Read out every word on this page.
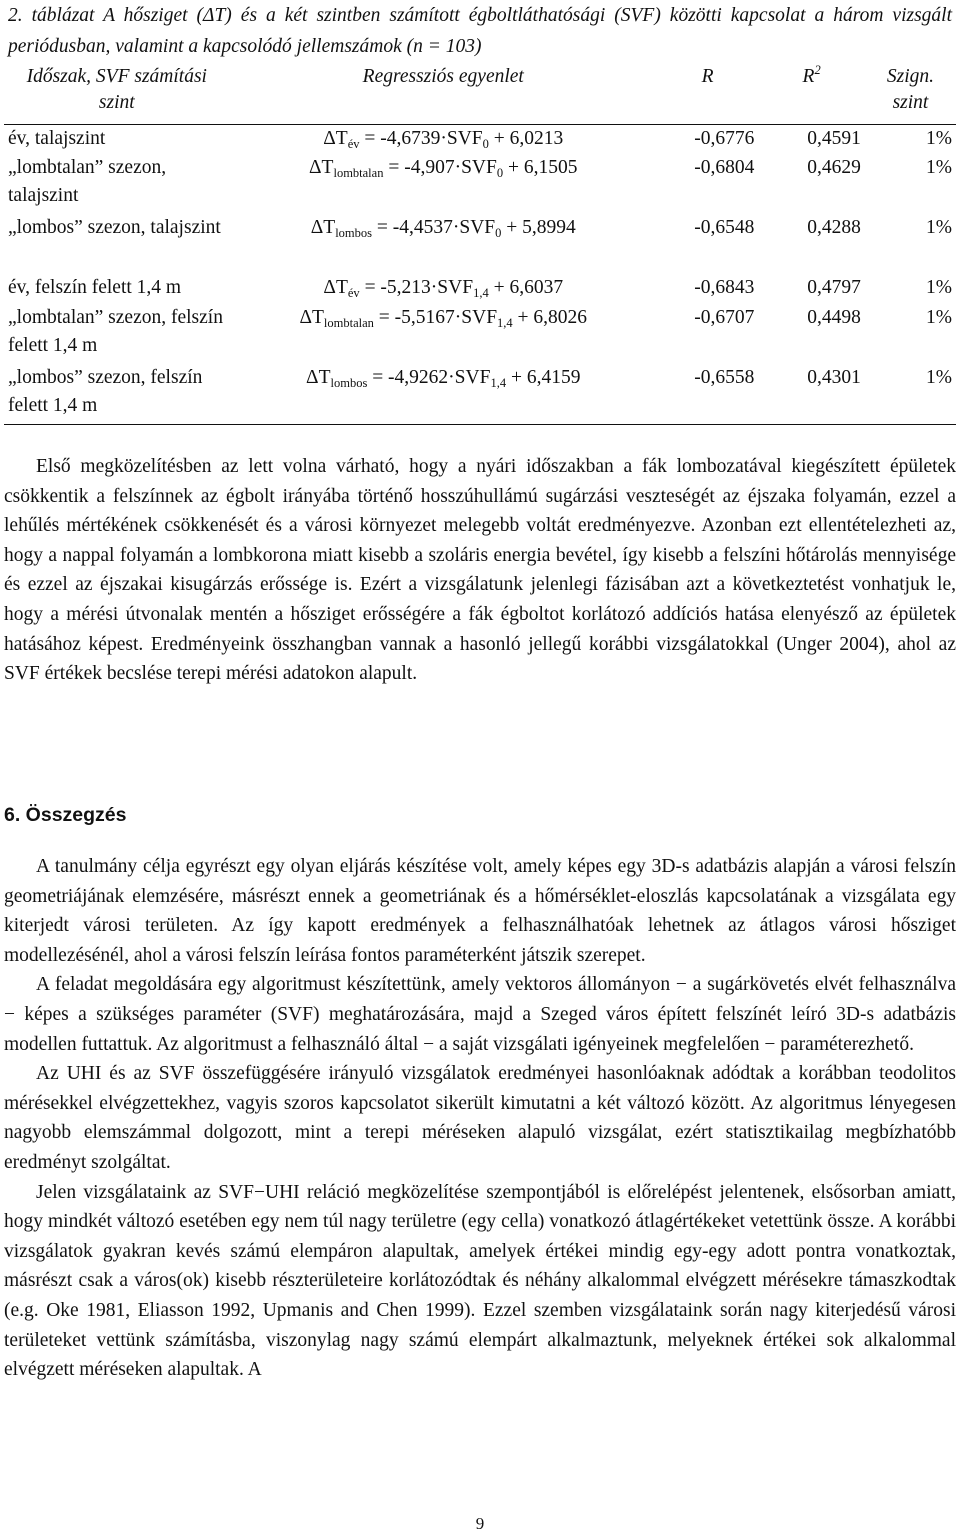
2. táblázat A hősziget (ΔT) és a két szintben számított égboltláthatósági (SVF) közötti kapcsolat a három vizsgált periódusban, valamint a kapcsolódó jellemszámok (n = 103)
Időszak, SVF számítási szint	Regressziós egyenlet	R	$R^2$	Szign. szint
év, talajszint	$\Delta T_{év} = -4,6739\cdot SVF_0 + 6,0213$	-0,6776	0,4591	1%
„lombtalan” szezon, talajszint	$\Delta T_{lombtalan} = -4,907\cdot SVF_0 + 6,1505$	-0,6804	0,4629	1%
„lombos” szezon, talajszint	$\Delta T_{lombos} = -4,4537\cdot SVF_0 + 5,8994$	-0,6548	0,4288	1%
év, felszín felett 1,4 m	$\Delta T_{év} = -5,213\cdot SVF_{1,4} + 6,6037$	-0,6843	0,4797	1%
„lombtalan” szezon, felszín felett 1,4 m	$\Delta T_{lombtalan} = -5,5167\cdot SVF_{1,4} + 6,8026$	-0,6707	0,4498	1%
„lombos” szezon, felszín felett 1,4 m	$\Delta T_{lombos} = -4,9262\cdot SVF_{1,4} + 6,4159$	-0,6558	0,4301	1%

Első megközelítésben az lett volna várható, hogy a nyári időszakban a fák lombozatával kiegészített épületek csökkentik a felszínnek az égbolt irányába történő hosszúhullámú sugárzási veszteségét az éjszaka folyamán, ezzel a lehűlés mértékének csökkenését és a városi környezet melegebb voltát eredményezve. Azonban ezt ellentételezheti az, hogy a nappal folyamán a lombkorona miatt kisebb a szoláris energia bevétel, így kisebb a felszíni hőtárolás mennyisége és ezzel az éjszakai kisugárzás erőssége is. Ezért a vizsgálatunk jelenlegi fázisában azt a következtetést vonhatjuk le, hogy a mérési útvonalak mentén a hősziget erősségére a fák égboltot korlátozó addíciós hatása elenyésző az épületek hatásához képest. Eredményeink összhangban vannak a hasonló jellegű korábbi vizsgálatokkal (Unger 2004), ahol az SVF értékek becslése terepi mérési adatokon alapult.

6. Összegzés

A tanulmány célja egyrészt egy olyan eljárás készítése volt, amely képes egy 3D-s adatbázis alapján a városi felszín geometriájának elemzésére, másrészt ennek a geometriának és a hőmérséklet-eloszlás kapcsolatának a vizsgálata egy kiterjedt városi területen. Az így kapott eredmények a felhasználhatóak lehetnek az átlagos városi hősziget modellezésénél, ahol a városi felszín leírása fontos paraméterként játszik szerepet.

A feladat megoldására egy algoritmust készítettünk, amely vektoros állományon − a sugárkövetés elvét felhasználva − képes a szükséges paraméter (SVF) meghatározására, majd a Szeged város épített felszínét leíró 3D-s adatbázis modellen futtattuk. Az algoritmust a felhasználó által − a saját vizsgálati igényeinek megfelelően − paraméterezhető.

Az UHI és az SVF összefüggésére irányuló vizsgálatok eredményei hasonlóaknak adódtak a korábban teodolitos mérésekkel elvégzettekhez, vagyis szoros kapcsolatot sikerült kimutatni a két változó között. Az algoritmus lényegesen nagyobb elemszámmal dolgozott, mint a terepi méréseken alapuló vizsgálat, ezért statisztikailag megbízhatóbb eredményt szolgáltat.

Jelen vizsgálataink az SVF−UHI reláció megközelítése szempontjából is előrelépést jelentenek, elsősorban amiatt, hogy mindkét változó esetében egy nem túl nagy területre (egy cella) vonatkozó átlagértékeket vetettünk össze. A korábbi vizsgálatok gyakran kevés számú elempáron alapultak, amelyek értékei mindig egy-egy adott pontra vonatkoztak, másrészt csak a város(ok) kisebb részterületeire korlátozódtak és néhány alkalommal elvégzett mérésekre támaszkodtak (e.g. Oke 1981, Eliasson 1992, Upmanis and Chen 1999). Ezzel szemben vizsgálataink során nagy kiterjedésű városi területeket vettünk számításba, viszonylag nagy számú elempárt alkalmaztunk, melyeknek értékei sok alkalommal elvégzett méréseken alapultak. A

9
